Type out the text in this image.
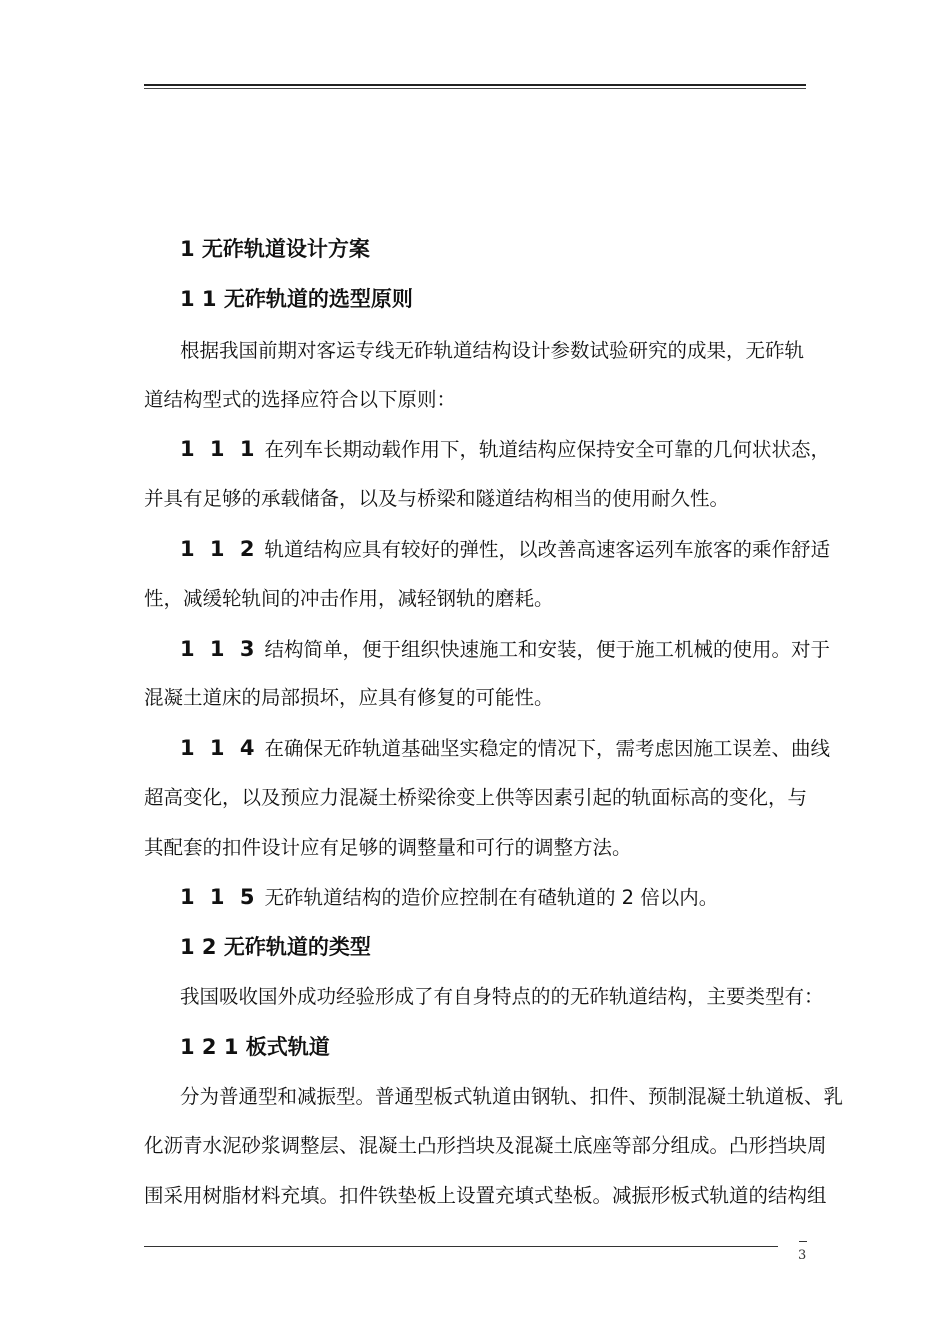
1 无砟轨道设计方案
1 1 无砟轨道的选型原则
根据我国前期对客运专线无砟轨道结构设计参数试验研究的成果，无砟轨
道结构型式的选择应符合以下原则：
1 1 1 在列车长期动载作用下，轨道结构应保持安全可靠的几何状状态，
并具有足够的承载储备，以及与桥梁和隧道结构相当的使用耐久性。
1 1 2 轨道结构应具有较好的弹性，以改善高速客运列车旅客的乘作舒适
性，减缓轮轨间的冲击作用，减轻钢轨的磨耗。
1 1 3 结构简单，便于组织快速施工和安装，便于施工机械的使用。对于
混凝土道床的局部损坏，应具有修复的可能性。
1 1 4 在确保无砟轨道基础坚实稳定的情况下，需考虑因施工误差、曲线
超高变化，以及预应力混凝土桥梁徐变上供等因素引起的轨面标高的变化，与
其配套的扣件设计应有足够的调整量和可行的调整方法。
1 1 5 无砟轨道结构的造价应控制在有碴轨道的 2 倍以内。
1 2 无砟轨道的类型
我国吸收国外成功经验形成了有自身特点的的无砟轨道结构，主要类型有：
1 2 1 板式轨道
分为普通型和减振型。普通型板式轨道由钢轨、扣件、预制混凝土轨道板、乳
化沥青水泥砂浆调整层、混凝土凸形挡块及混凝土底座等部分组成。凸形挡块周
围采用树脂材料充填。扣件铁垫板上设置充填式垫板。减振形板式轨道的结构组
3
